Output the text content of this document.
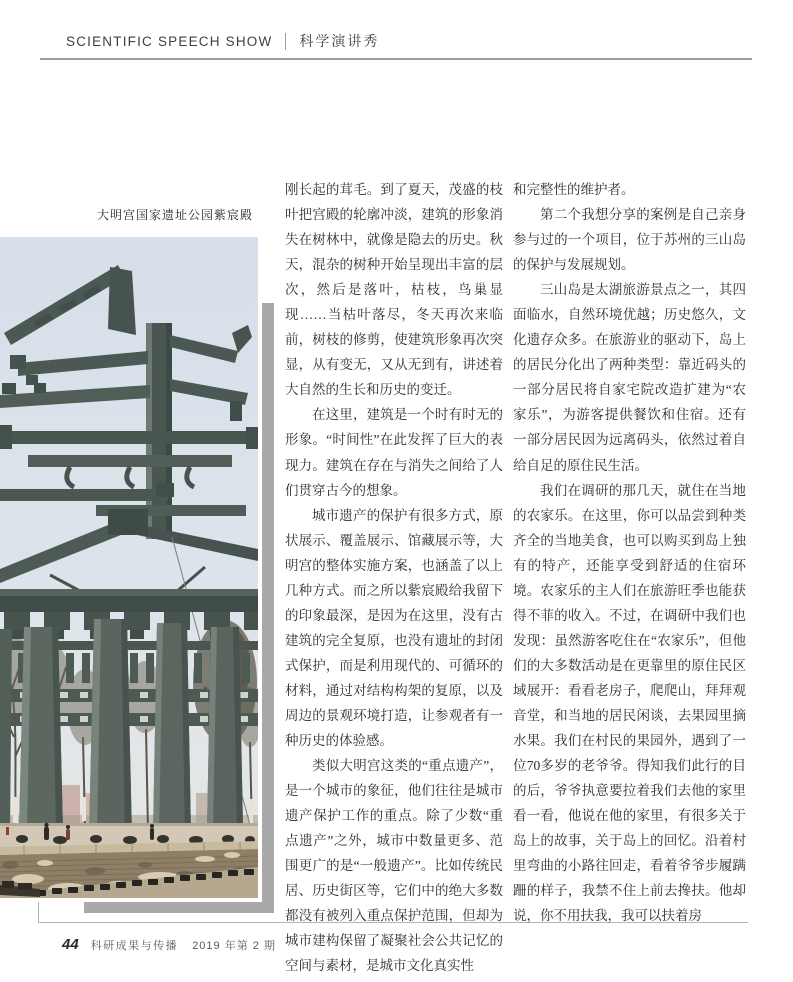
SCIENTIFIC SPEECH SHOW 科学演讲秀
大明宫国家遗址公园紫宸殿

刚长起的茸毛。到了夏天，茂盛的枝叶把宫殿的轮廓冲淡，建筑的形象消失在树林中，就像是隐去的历史。秋天，混杂的树种开始呈现出丰富的层次，然后是落叶，枯枝，鸟巢显现……当枯叶落尽，冬天再次来临前，树枝的修剪，使建筑形象再次突显，从有变无，又从无到有，讲述着大自然的生长和历史的变迁。

在这里，建筑是一个时有时无的形象。“时间性”在此发挥了巨大的表现力。建筑在存在与消失之间给了人们贯穿古今的想象。

城市遗产的保护有很多方式，原状展示、覆盖展示、馆藏展示等，大明宫的整体实施方案，也涵盖了以上几种方式。而之所以紫宸殿给我留下的印象最深，是因为在这里，没有古建筑的完全复原，也没有遗址的封闭式保护，而是利用现代的、可循环的材料，通过对结构构架的复原，以及周边的景观环境打造，让参观者有一种历史的体验感。

类似大明宫这类的“重点遗产”，是一个城市的象征，他们往往是城市遗产保护工作的重点。除了少数“重点遗产”之外，城市中数量更多、范围更广的是“一般遗产”。比如传统民居、历史街区等，它们中的绝大多数都没有被列入重点保护范围，但却为城市建构保留了凝聚社会公共记忆的空间与素材，是城市文化真实性

和完整性的维护者。

第二个我想分享的案例是自己亲身参与过的一个项目，位于苏州的三山岛的保护与发展规划。

三山岛是太湖旅游景点之一，其四面临水，自然环境优越；历史悠久，文化遗存众多。在旅游业的驱动下，岛上的居民分化出了两种类型：靠近码头的一部分居民将自家宅院改造扩建为“农家乐”，为游客提供餐饮和住宿。还有一部分居民因为远离码头，依然过着自给自足的原住民生活。

我们在调研的那几天，就住在当地的农家乐。在这里，你可以品尝到种类齐全的当地美食，也可以购买到岛上独有的特产，还能享受到舒适的住宿环境。农家乐的主人们在旅游旺季也能获得不菲的收入。不过，在调研中我们也发现：虽然游客吃住在“农家乐”，但他们的大多数活动是在更靠里的原住民区域展开：看看老房子，爬爬山，拜拜观音堂，和当地的居民闲谈，去果园里摘水果。我们在村民的果园外，遇到了一位70多岁的老爷爷。得知我们此行的目的后，爷爷执意要拉着我们去他的家里看一看，他说在他的家里，有很多关于岛上的故事，关于岛上的回忆。沿着村里弯曲的小路往回走，看着爷爷步履蹒跚的样子，我禁不住上前去搀扶。他却说，你不用扶我，我可以扶着房

44 科研成果与传播 2019 年第 2 期
